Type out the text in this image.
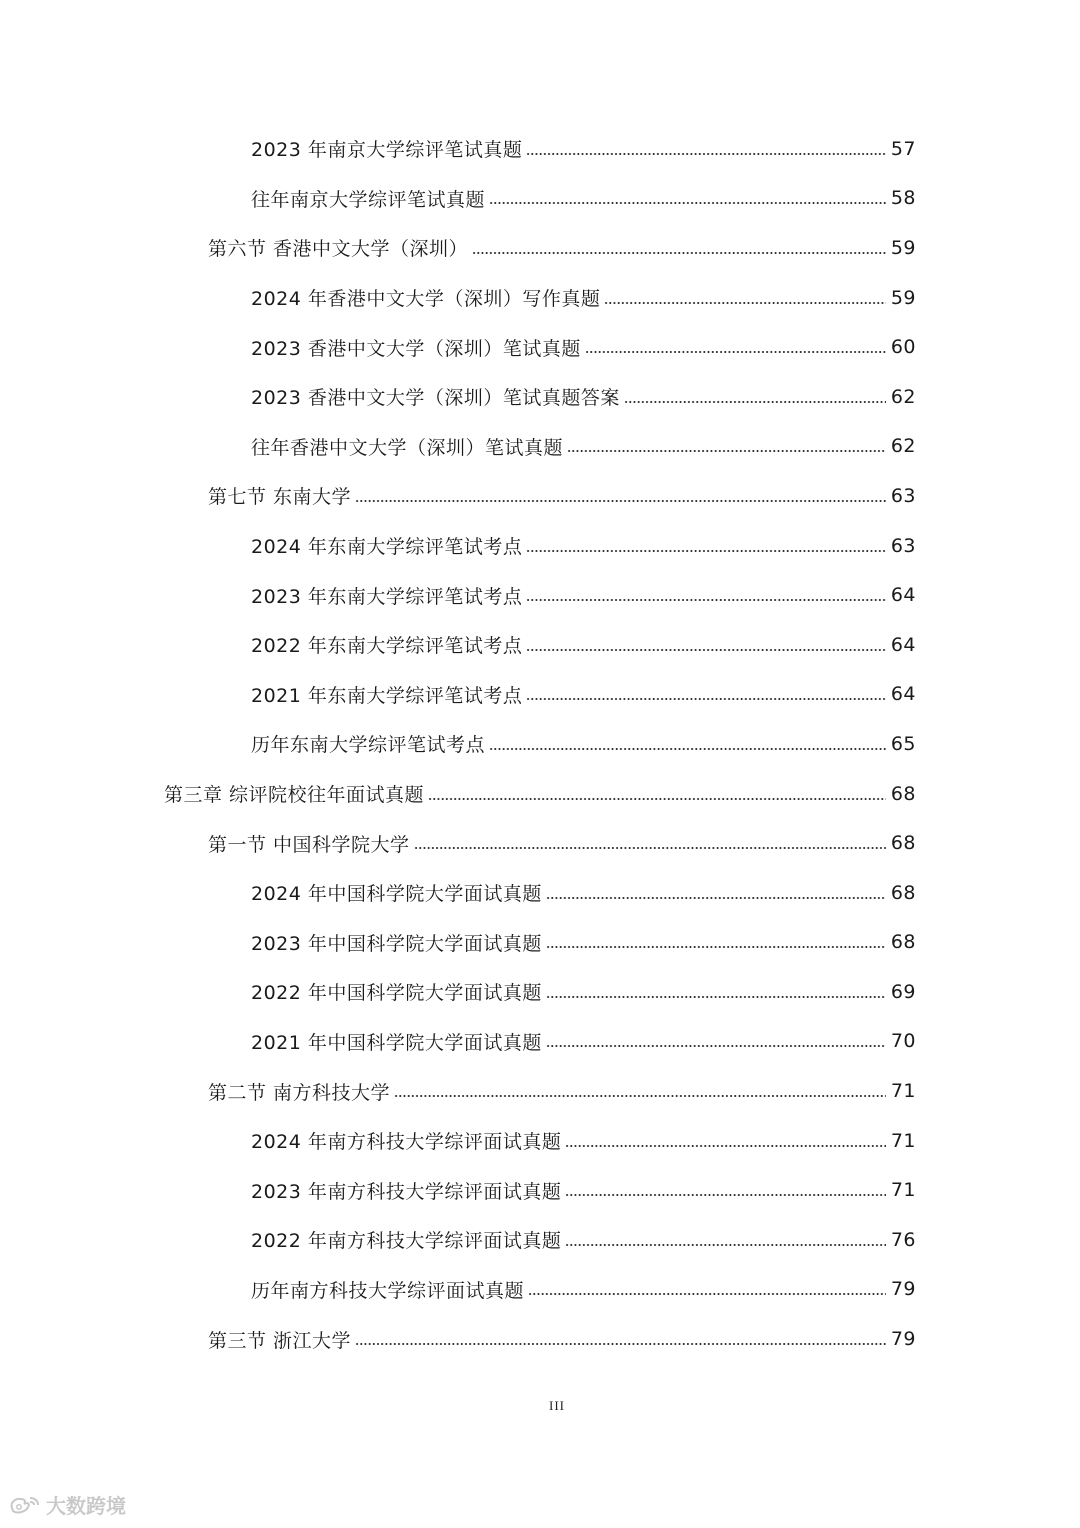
2023 年南京大学综评笔试真题	57
往年南京大学综评笔试真题	58
第六节 香港中文大学（深圳）	59
2024 年香港中文大学（深圳）写作真题	59
2023 香港中文大学（深圳）笔试真题	60
2023 香港中文大学（深圳）笔试真题答案	62
往年香港中文大学（深圳）笔试真题	62
第七节 东南大学	63
2024 年东南大学综评笔试考点	63
2023 年东南大学综评笔试考点	64
2022 年东南大学综评笔试考点	64
2021 年东南大学综评笔试考点	64
历年东南大学综评笔试考点	65
第三章 综评院校往年面试真题	68
第一节 中国科学院大学	68
2024 年中国科学院大学面试真题	68
2023 年中国科学院大学面试真题	68
2022 年中国科学院大学面试真题	69
2021 年中国科学院大学面试真题	70
第二节 南方科技大学	71
2024 年南方科技大学综评面试真题	71
2023 年南方科技大学综评面试真题	71
2022 年南方科技大学综评面试真题	76
历年南方科技大学综评面试真题	79
第三节 浙江大学	79
III
大数跨境
